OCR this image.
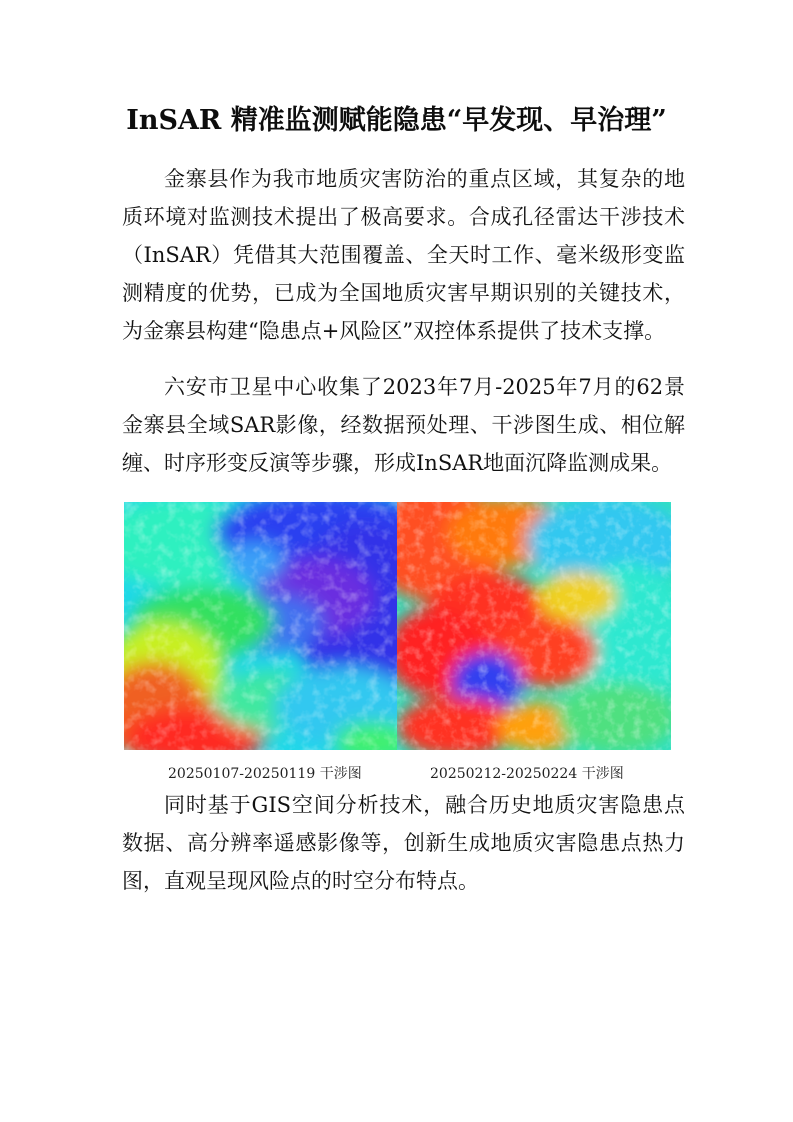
InSAR 精准监测赋能隐患“早发现、早治理”

金寨县作为我市地质灾害防治的重点区域，其复杂的地质环境对监测技术提出了极高要求。合成孔径雷达干涉技术（InSAR）凭借其大范围覆盖、全天时工作、毫米级形变监测精度的优势，已成为全国地质灾害早期识别的关键技术，为金寨县构建“隐患点+风险区”双控体系提供了技术支撑。

六安市卫星中心收集了2023年7月-2025年7月的62景金寨县全域SAR影像，经数据预处理、干涉图生成、相位解缠、时序形变反演等步骤，形成InSAR地面沉降监测成果。

20250107-20250119 干涉图	20250212-20250224 干涉图

同时基于GIS空间分析技术，融合历史地质灾害隐患点数据、高分辨率遥感影像等，创新生成地质灾害隐患点热力图，直观呈现风险点的时空分布特点。
